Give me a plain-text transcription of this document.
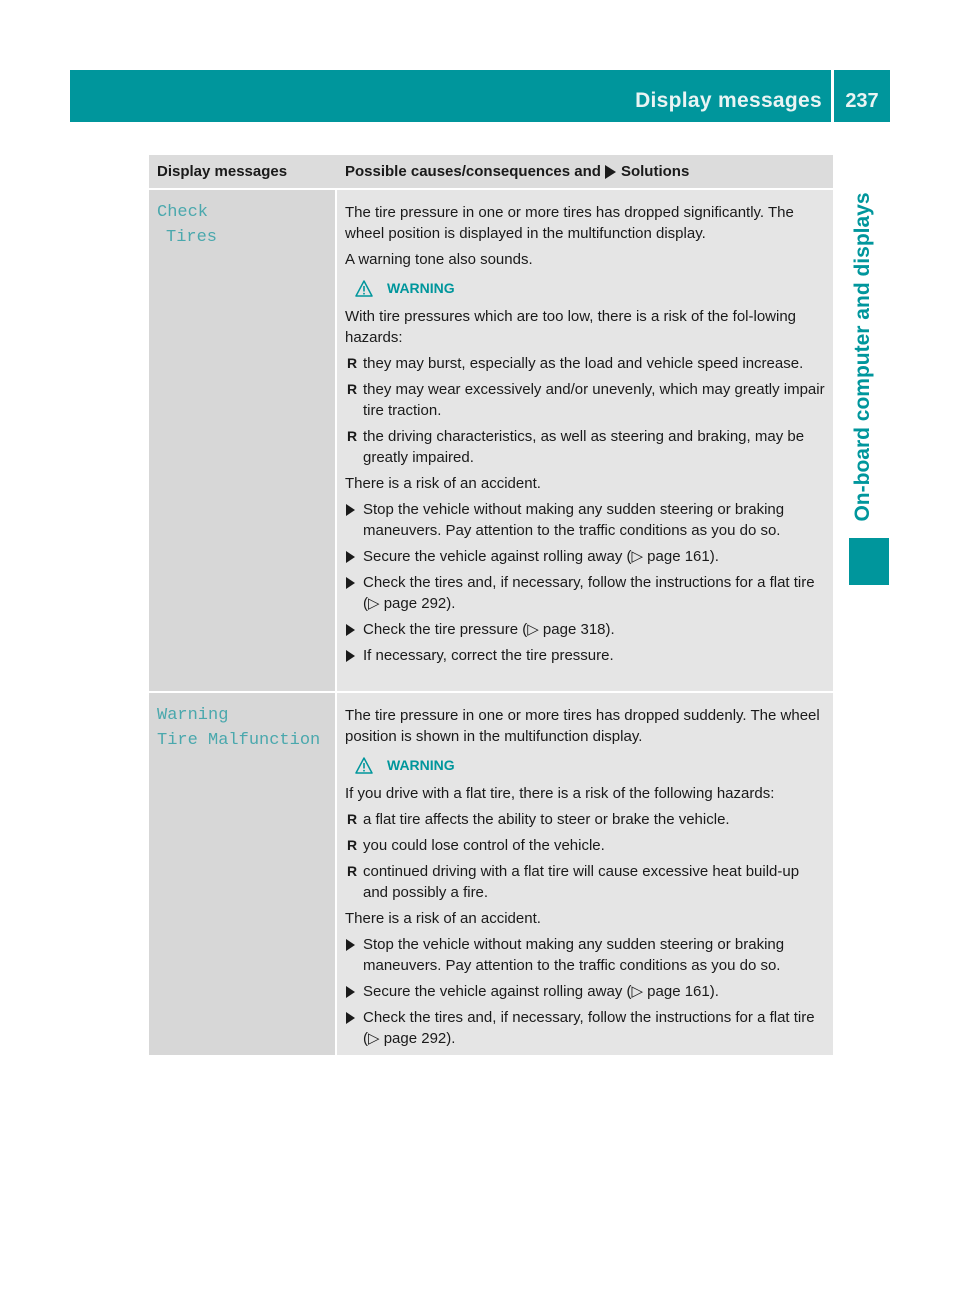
Display messages	237
On-board computer and displays
Display messages	Possible causes/consequences and Solutions
Check
Tires

The tire pressure in one or more tires has dropped significantly. The wheel position is displayed in the multifunction display.

A warning tone also sounds.

WARNING

With tire pressures which are too low, there is a risk of the fol-lowing hazards:

R they may burst, especially as the load and vehicle speed increase.
R they may wear excessively and/or unevenly, which may greatly impair tire traction.
R the driving characteristics, as well as steering and braking, may be greatly impaired.

There is a risk of an accident.

Stop the vehicle without making any sudden steering or braking maneuvers. Pay attention to the traffic conditions as you do so.
Secure the vehicle against rolling away (▷ page 161).
Check the tires and, if necessary, follow the instructions for a flat tire (▷ page 292).
Check the tire pressure (▷ page 318).
If necessary, correct the tire pressure.
Warning
Tire Malfunction

The tire pressure in one or more tires has dropped suddenly. The wheel position is shown in the multifunction display.

WARNING

If you drive with a flat tire, there is a risk of the following hazards:

R a flat tire affects the ability to steer or brake the vehicle.
R you could lose control of the vehicle.
R continued driving with a flat tire will cause excessive heat build-up and possibly a fire.

There is a risk of an accident.

Stop the vehicle without making any sudden steering or braking maneuvers. Pay attention to the traffic conditions as you do so.
Secure the vehicle against rolling away (▷ page 161).
Check the tires and, if necessary, follow the instructions for a flat tire (▷ page 292).
